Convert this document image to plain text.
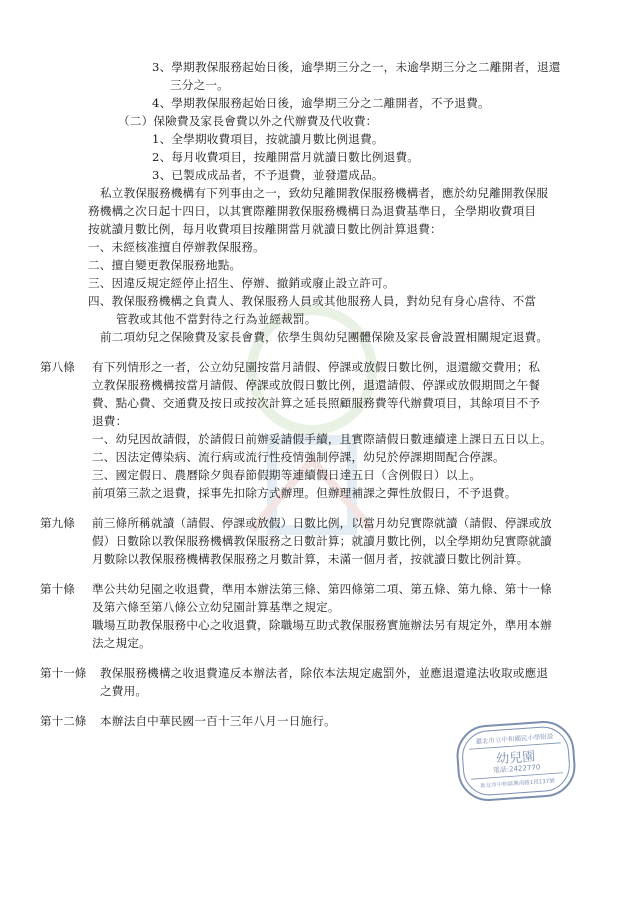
3、學期教保服務起始日後，逾學期三分之一，未逾學期三分之二離開者，退還
三分之一。
4、學期教保服務起始日後，逾學期三分之二離開者，不予退費。
（二）保險費及家長會費以外之代辦費及代收費：
1、全學期收費項目，按就讀月數比例退費。
2、每月收費項目，按離開當月就讀日數比例退費。
3、已製成成品者，不予退費，並發還成品。
私立教保服務機構有下列事由之一，致幼兒離開教保服務機構者，應於幼兒離開教保服
務機構之次日起十四日，以其實際離開教保服務機構日為退費基準日，全學期收費項目
按就讀月數比例，每月收費項目按離開當月就讀日數比例計算退費：
一、未經核准擅自停辦教保服務。
二、擅自變更教保服務地點。
三、因違反規定經停止招生、停辦、撤銷或廢止設立許可。
四、教保服務機構之負責人、教保服務人員或其他服務人員，對幼兒有身心虐待、不當
管教或其他不當對待之行為並經裁罰。
前二項幼兒之保險費及家長會費，依學生與幼兒團體保險及家長會設置相關規定退費。
第八條 有下列情形之一者，公立幼兒園按當月請假、停課或放假日數比例，退還繳交費用；私
立教保服務機構按當月請假、停課或放假日數比例，退還請假、停課或放假期間之午餐
費、點心費、交通費及按日或按次計算之延長照顧服務費等代辦費項目，其餘項目不予
退費：
一、幼兒因故請假，於請假日前辦妥請假手續，且實際請假日數連續達上課日五日以上。
二、因法定傳染病、流行病或流行性疫情強制停課，幼兒於停課期間配合停課。
三、國定假日、農曆除夕與春節假期等連續假日達五日（含例假日）以上。
前項第三款之退費，採事先扣除方式辦理。但辦理補課之彈性放假日，不予退費。
第九條 前三條所稱就讀（請假、停課或放假）日數比例，以當月幼兒實際就讀（請假、停課或放
假）日數除以教保服務機構教保服務之日數計算；就讀月數比例，以全學期幼兒實際就讀
月數除以教保服務機構教保服務之月數計算，未滿一個月者，按就讀日數比例計算。
第十條 準公共幼兒園之收退費，準用本辦法第三條、第四條第二項、第五條、第九條、第十一條
及第六條至第八條公立幼兒園計算基準之規定。
職場互助教保服務中心之收退費，除職場互助式教保服務實施辦法另有規定外，準用本辦
法之規定。
第十一條 教保服務機構之收退費違反本辦法者，除依本法規定處罰外，並應退還違法收取或應退
之費用。
第十二條 本辦法自中華民國一百十三年八月一日施行。
臺北市立中和國民小學附設
幼兒園
電話:2422770
新北市中和區興南路1段137號
